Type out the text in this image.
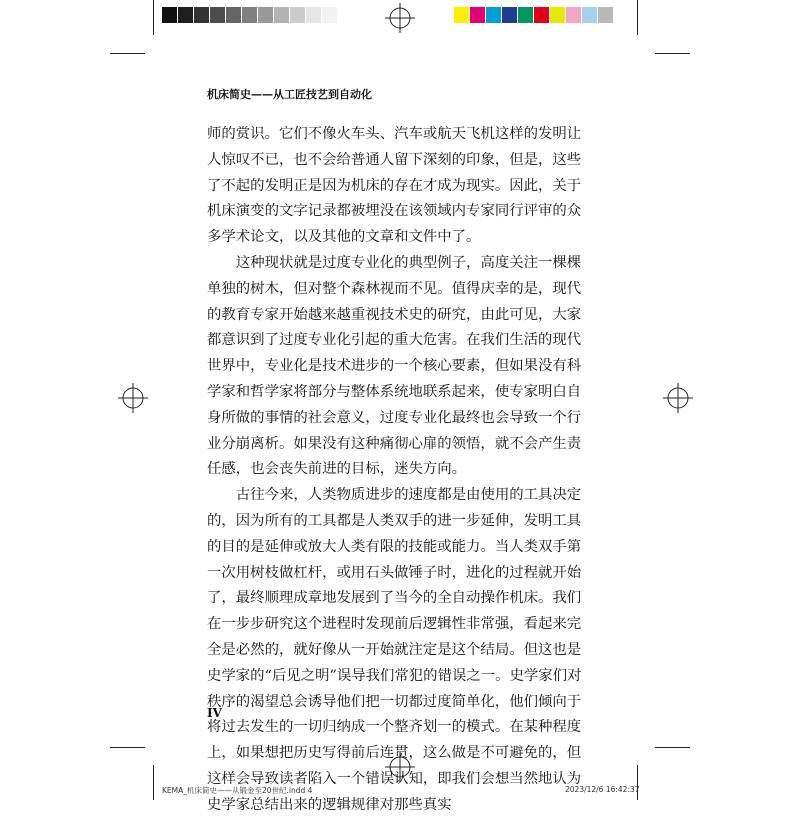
机床简史——从工匠技艺到自动化

师的赏识。它们不像火车头、汽车或航天飞机这样的发明让人惊叹不已，也不会给普通人留下深刻的印象，但是，这些了不起的发明正是因为机床的存在才成为现实。因此，关于机床演变的文字记录都被埋没在该领域内专家同行评审的众多学术论文，以及其他的文章和文件中了。

这种现状就是过度专业化的典型例子，高度关注一棵棵单独的树木，但对整个森林视而不见。值得庆幸的是，现代的教育专家开始越来越重视技术史的研究，由此可见，大家都意识到了过度专业化引起的重大危害。在我们生活的现代世界中，专业化是技术进步的一个核心要素，但如果没有科学家和哲学家将部分与整体系统地联系起来，使专家明白自身所做的事情的社会意义，过度专业化最终也会导致一个行业分崩离析。如果没有这种痛彻心扉的领悟，就不会产生责任感，也会丧失前进的目标，迷失方向。

古往今来，人类物质进步的速度都是由使用的工具决定的，因为所有的工具都是人类双手的进一步延伸，发明工具的目的是延伸或放大人类有限的技能或能力。当人类双手第一次用树枝做杠杆，或用石头做锤子时，进化的过程就开始了，最终顺理成章地发展到了当今的全自动操作机床。我们在一步步研究这个进程时发现前后逻辑性非常强，看起来完全是必然的，就好像从一开始就注定是这个结局。但这也是史学家的“后见之明”误导我们常犯的错误之一。史学家们对秩序的渴望总会诱导他们把一切都过度简单化，他们倾向于将过去发生的一切归纳成一个整齐划一的模式。在某种程度上，如果想把历史写得前后连贯，这么做是不可避免的，但这样会导致读者陷入一个错误认知，即我们会想当然地认为史学家总结出来的逻辑规律对那些真实

IV
KEMA_机床简史——从锻金至20世纪.indd 4	2023/12/6 16:42:37
